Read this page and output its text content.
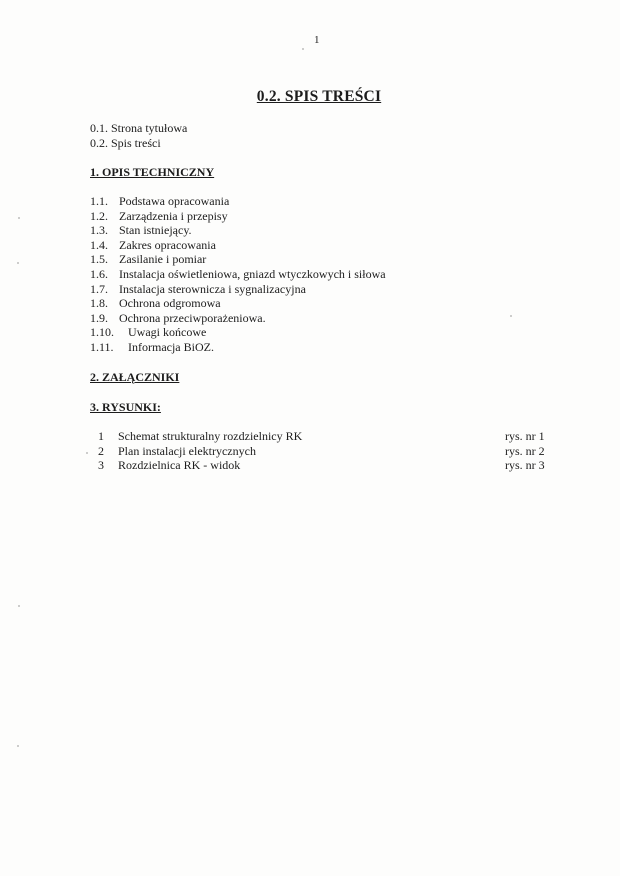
1
0.2. SPIS TREŚCI
0.1. Strona tytułowa
0.2. Spis treści
1. OPIS TECHNICZNY
1.1. Podstawa opracowania
1.2. Zarządzenia i przepisy
1.3. Stan istniejący.
1.4. Zakres opracowania
1.5. Zasilanie i pomiar
1.6. Instalacja oświetleniowa, gniazd wtyczkowych i siłowa
1.7. Instalacja sterownicza i sygnalizacyjna
1.8. Ochrona odgromowa
1.9. Ochrona przeciwporażeniowa.
1.10.	Uwagi końcowe
1.11.	Informacja BiOZ.
2. ZAŁĄCZNIKI
3. RYSUNKI:
1	Schemat strukturalny rozdzielnicy RK	rys. nr 1
2	Plan instalacji elektrycznych	rys. nr 2
3	Rozdzielnica RK - widok	rys. nr 3
